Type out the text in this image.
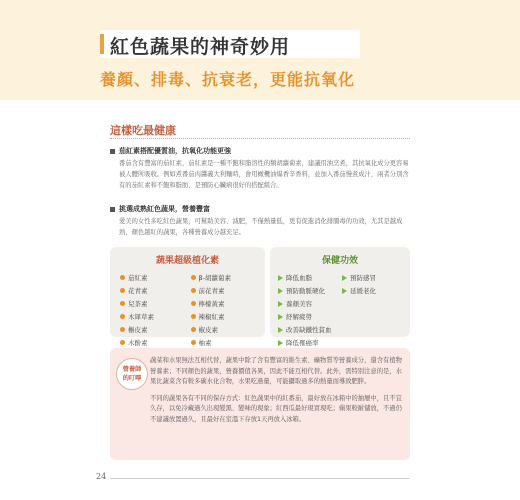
紅色蔬果的神奇妙用
養顏、排毒、抗衰老，更能抗氧化
這樣吃最健康
茄紅素搭配優質油，抗氧化功能更強
番茄含有豐富的茄紅素，茄紅素是一種不飽和脂溶性的類胡蘿蔔素，建議用油烹煮，其抗氧化成分更容易被人體所吸收。例如煮番茄肉醬義大利麵時，會用橄欖油爆香辛香料，並加入番茄慢煮成汁，兩者分別含有的茄紅素和不飽和脂肪，是預防心臟病很好的搭配組合。
挑選成熟紅色蔬果，營養豐富
愛美的女性多吃紅色蔬果，可幫助美容、減肥，不僅熱量低，更有促進消化排腸毒的功效，尤其是越成熟、顏色越紅的蔬果，各種營養成分越充足。
蔬果超級植化素
茄紅素	β-胡蘿蔔素
花青素	前花青素
兒茶素	檸檬黃素
木犀草素	辣椒紅素
槲皮素	椒皮素
木酚素	柚素
保健功效
降低血脂	預防感冒
預防動脈硬化	延緩老化
養顏美容
紓解疲勞
改善缺鐵性貧血
降低罹癌率
營養師的叮嚀

蔬菜和水果無法互相代替，蔬果中除了含有豐富的維生素、礦物質等營養成分，還含有植物營養素；不同顏色的蔬果，營養價值各異，因此不能互相代替。此外，需特別注意的是，水果比蔬菜含有較多碳水化合物，水果吃過量，可能攝取過多的熱量而導致肥胖。

不同的蔬果各有不同的保存方式：紅色蔬果中的紅番茄，最好放在冰箱中的抽屜中，且不宜久存，以免冷藏過久出現變黑、變味的現象；紅西瓜最好現買現吃；蘋果較耐儲放，不過仍不建議放置過久，且最好在室溫下存放1天再放入冰箱。

24
